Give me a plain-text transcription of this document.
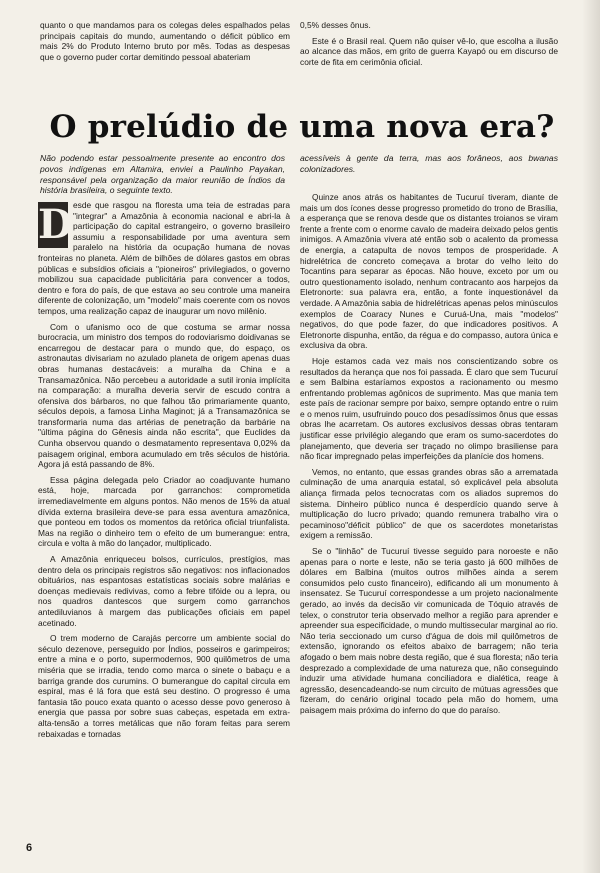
quanto o que mandamos para os colegas deles espalhados pelas principais capitais do mundo, aumentando o déficit público em mais 2% do Produto Interno bruto por mês. Todas as despesas que o governo puder cortar demitindo pessoal abateriam

0,5% desses ônus.

Este é o Brasil real. Quem não quiser vê-lo, que escolha a ilusão ao alcance das mãos, em grito de guerra Kayapó ou em discurso de corte de fita em cerimônia oficial.

O prelúdio de uma nova era?
Não podendo estar pessoalmente presente ao encontro dos povos indígenas em Altamira, enviei a Paulinho Payakan, responsável pela organização da maior reunião de Índios da história brasileira, o seguinte texto.
acessíveis à gente da terra, mas aos forâneos, aos bwanas colonizadores.

D esde que rasgou na floresta uma teia de estradas para "integrar" a Amazônia à economia nacional e abri-la à participação do capital estrangeiro, o governo brasileiro assumiu a responsabilidade por uma aventura sem paralelo na história da ocupação humana de novas fronteiras no planeta. Além de bilhões de dólares gastos em obras públicas e subsídios oficiais a "pioneiros" privilegiados, o governo mobilizou sua capacidade publicitária para convencer a todos, dentro e fora do país, de que estava ao seu controle uma maneira diferente de colonização, um "modelo" mais coerente com os novos tempos, uma realização capaz de inaugurar um novo milênio.

Com o ufanismo oco de que costuma se armar nossa burocracia, um ministro dos tempos do rodoviarismo doidivanas se encarregou de destacar para o mundo que, do espaço, os astronautas divisariam no azulado planeta de origem apenas duas obras humanas destacáveis: a muralha da China e a Transamazônica. Não percebeu a autoridade a sutil ironia implícita na comparação: a muralha deveria servir de escudo contra a ofensiva dos bárbaros, no que falhou tão primariamente quanto, séculos depois, a famosa Linha Maginot; já a Transamazônica se transformaria numa das artérias de penetração da barbárie na "última página do Gênesis ainda não escrita", que Euclides da Cunha observou quando o desmatamento representava 0,02% da paisagem original, embora acumulado em três séculos de história. Agora já está passando de 8%.

Essa página delegada pelo Criador ao coadjuvante humano está, hoje, marcada por garranchos: comprometida irremediavelmente em alguns pontos. Não menos de 15% da atual dívida externa brasileira deve-se para essa aventura amazônica, que ponteou em todos os momentos da retórica oficial triunfalista. Mas na região o dinheiro tem o efeito de um bumerangue: entra, circula e volta à mão do lançador, multiplicado.

A Amazônia enriqueceu bolsos, currículos, prestígios, mas dentro dela os principais registros são negativos: nos inflacionados obituários, nas espantosas estatísticas sociais sobre malárias e doenças medievais redivivas, como a febre tifóide ou a lepra, ou nos quadros dantescos que surgem como garranchos antediluvianos à margem das publicações oficiais em papel acetinado.

O trem moderno de Carajás percorre um ambiente social do século dezenove, perseguido por Índios, posseiros e garimpeiros; entre a mina e o porto, supermodernos, 900 quilômetros de uma miséria que se irradia, tendo como marca o sinete o babaçu e a barriga grande dos curumins. O bumerangue do capital circula em espiral, mas é lá fora que está seu destino. O progresso é uma fantasia tão pouco exata quanto o acesso desse povo generoso à energia que passa por sobre suas cabeças, espetada em extra-alta-tensão a torres metálicas que não foram feitas para serem rebaixadas e tornadas

Quinze anos atrás os habitantes de Tucuruí tiveram, diante de mais um dos ícones desse progresso prometido do trono de Brasília, a esperança que se renova desde que os distantes troianos se viram frente a frente com o enorme cavalo de madeira deixado pelos gentis inimigos. A Amazônia vivera até então sob o acalento da promessa de energia, a catapulta de novos tempos de prosperidade. A hidrelétrica de concreto começava a brotar do velho leito do Tocantins para separar as épocas. Não houve, exceto por um ou outro questionamento isolado, nenhum contracanto aos harpejos da Eletronorte: sua palavra era, então, a fonte inquestionável da verdade. A Amazônia sabia de hidrelétricas apenas pelos minúsculos exemplos de Coaracy Nunes e Curuá-Una, mais "modelos" negativos, do que pode fazer, do que indicadores positivos. A Eletronorte dispunha, então, da régua e do compasso, autora única e exclusiva da obra.

Hoje estamos cada vez mais nos conscientizando sobre os resultados da herança que nos foi passada. É claro que sem Tucuruí e sem Balbina estaríamos expostos a racionamento ou mesmo enfrentando problemas agônicos de suprimento. Mas que mania tem este país de racionar sempre por baixo, sempre optando entre o ruim e o menos ruim, usufruindo pouco dos pesadíssimos ônus que essas obras lhe acarretam. Os autores exclusivos dessas obras tentaram justificar esse privilégio alegando que eram os sumo-sacerdotes do planejamento, que deveria ser traçado no olimpo brasiliense para não ficar impregnado pelas imperfeições da planície dos homens.

Vemos, no entanto, que essas grandes obras são a arrematada culminação de uma anarquia estatal, só explicável pela absoluta aliança firmada pelos tecnocratas com os aliados supremos do sistema. Dinheiro público nunca é desperdício quando serve à multiplicação do lucro privado; quando remunera trabalho vira o pecaminoso"déficit público" de que os sacerdotes monetaristas exigem a remissão.

Se o "linhão" de Tucuruí tivesse seguido para noroeste e não apenas para o norte e leste, não se teria gasto já 600 milhões de dólares em Balbina (muitos outros milhões ainda a serem consumidos pelo custo financeiro), edificando ali um monumento à insensatez. Se Tucuruí correspondesse a um projeto nacionalmente gerado, ao invés da decisão vir comunicada de Tóquio através de telex, o construtor teria observado melhor a região para aprender e apreender sua especificidade, o mundo multissecular marginal ao rio. Não teria seccionado um curso d'água de dois mil quilômetros de extensão, ignorando os efeitos abaixo de barragem; não teria afogado o bem mais nobre desta região, que é sua floresta; não teria desprezado a complexidade de uma natureza que, não conseguindo induzir uma atividade humana conciliadora e dialética, reage à agressão, desencadeando-se num circuito de mútuas agressões que fizeram, do cenário original tocado pela mão do homem, uma paisagem mais próxima do inferno do que do paraíso.

6
